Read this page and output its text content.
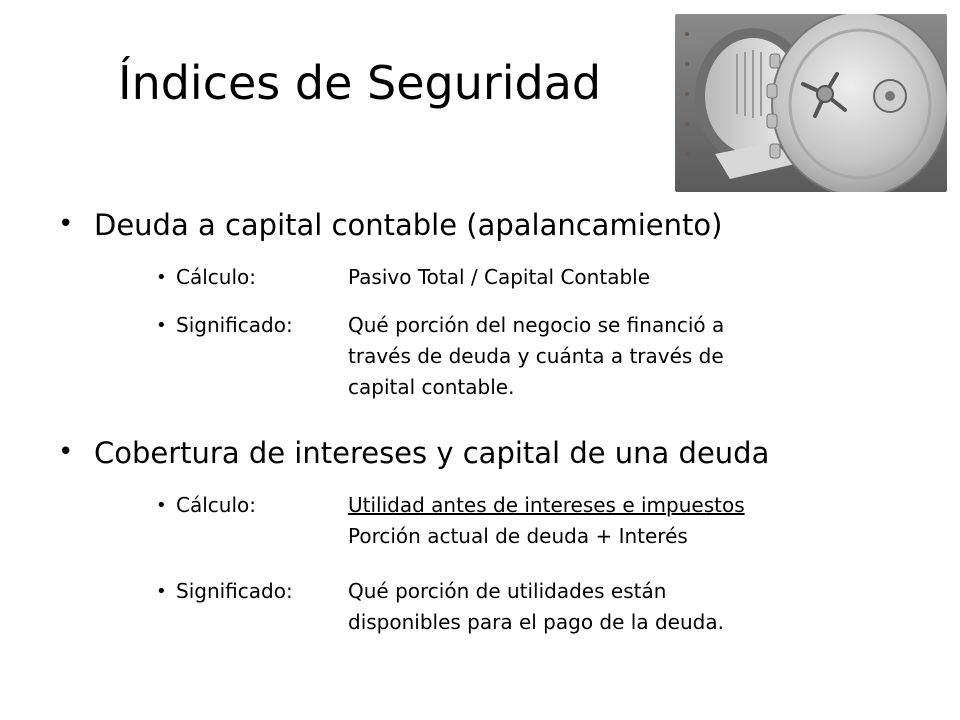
Índices de Seguridad
• Deuda a capital contable (apalancamiento)
• Cálculo:	Pasivo Total / Capital Contable
• Significado:	Qué porción del negocio se financió a
través de deuda y cuánta a través de
capital contable.
• Cobertura de intereses y capital de una deuda
• Cálculo:	Utilidad antes de intereses e impuestos
Porción actual de deuda + Interés
• Significado:	Qué porción de utilidades están
disponibles para el pago de la deuda.
